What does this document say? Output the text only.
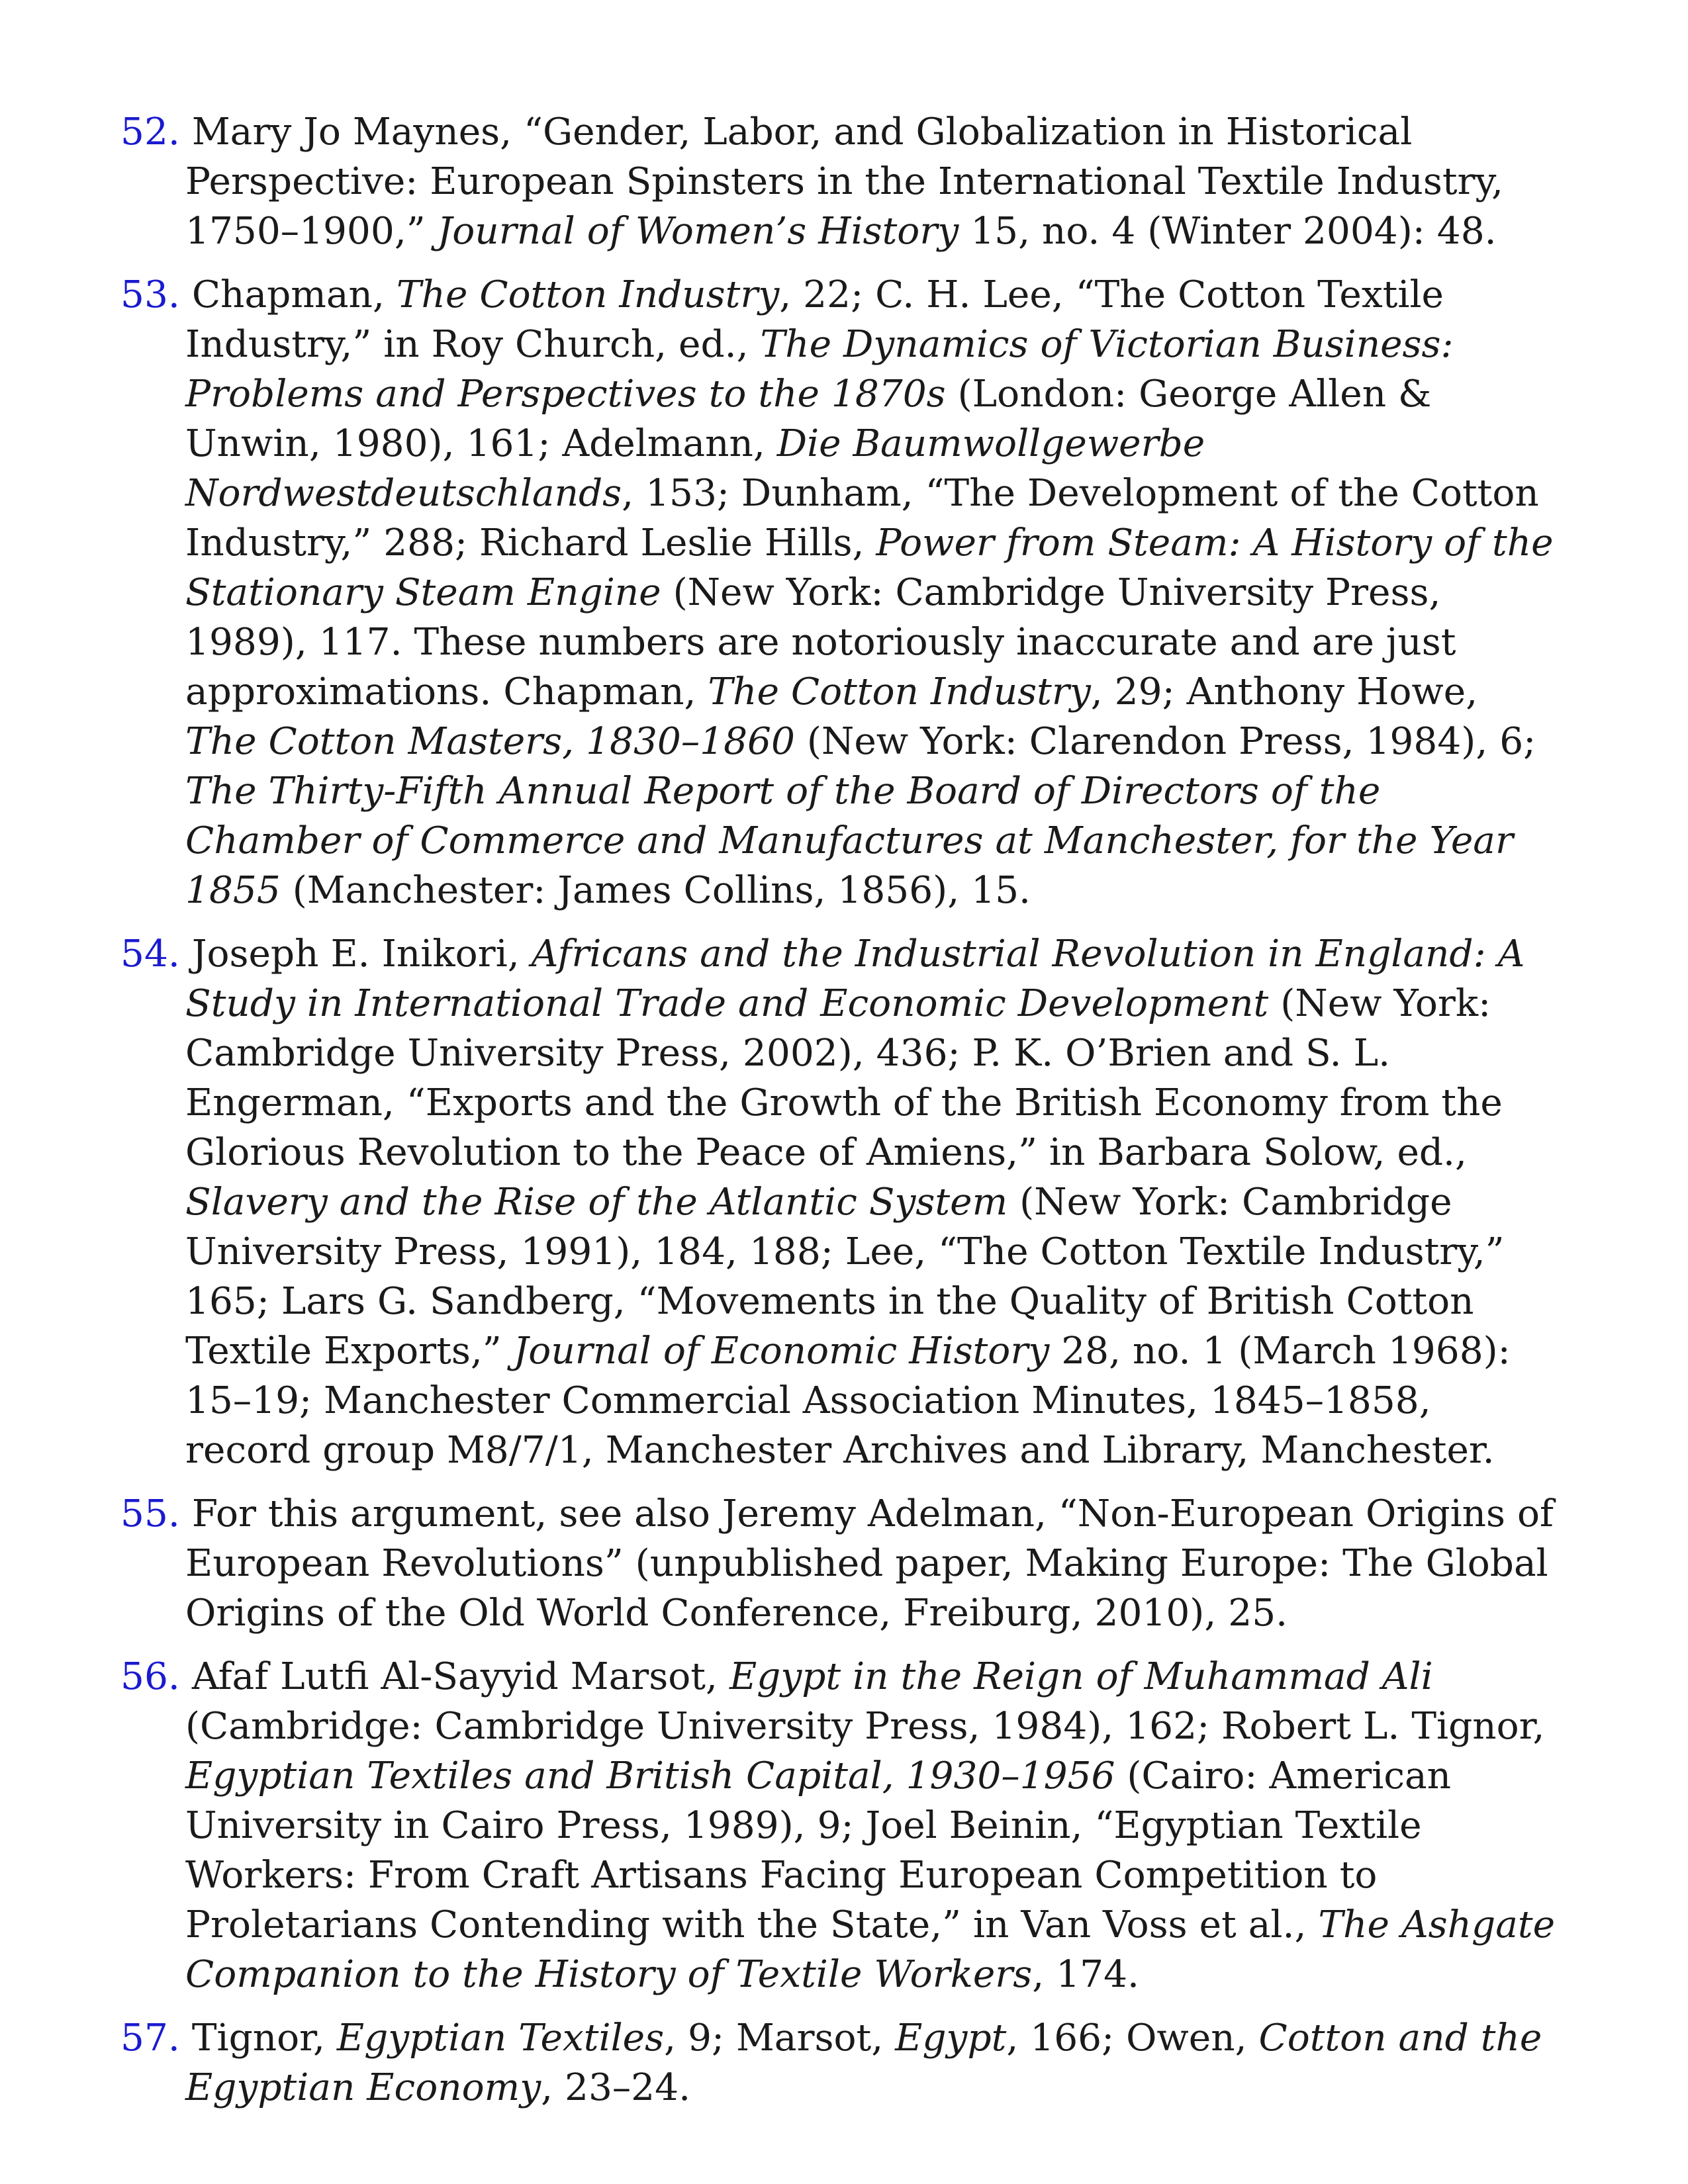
52. Mary Jo Maynes, “Gender, Labor, and Globalization in Historical Perspective: European Spinsters in the International Textile Industry, 1750–1900,” Journal of Women’s History 15, no. 4 (Winter 2004): 48.

53. Chapman, The Cotton Industry, 22; C. H. Lee, “The Cotton Textile Industry,” in Roy Church, ed., The Dynamics of Victorian Business: Problems and Perspectives to the 1870s (London: George Allen & Unwin, 1980), 161; Adelmann, Die Baumwollgewerbe Nordwestdeutschlands, 153; Dunham, “The Development of the Cotton Industry,” 288; Richard Leslie Hills, Power from Steam: A History of the Stationary Steam Engine (New York: Cambridge University Press, 1989), 117. These numbers are notoriously inaccurate and are just approximations. Chapman, The Cotton Industry, 29; Anthony Howe, The Cotton Masters, 1830–1860 (New York: Clarendon Press, 1984), 6; The Thirty-Fifth Annual Report of the Board of Directors of the Chamber of Commerce and Manufactures at Manchester, for the Year 1855 (Manchester: James Collins, 1856), 15.

54. Joseph E. Inikori, Africans and the Industrial Revolution in England: A Study in International Trade and Economic Development (New York: Cambridge University Press, 2002), 436; P. K. O’Brien and S. L. Engerman, “Exports and the Growth of the British Economy from the Glorious Revolution to the Peace of Amiens,” in Barbara Solow, ed., Slavery and the Rise of the Atlantic System (New York: Cambridge University Press, 1991), 184, 188; Lee, “The Cotton Textile Industry,” 165; Lars G. Sandberg, “Movements in the Quality of British Cotton Textile Exports,” Journal of Economic History 28, no. 1 (March 1968): 15–19; Manchester Commercial Association Minutes, 1845–1858, record group M8/7/1, Manchester Archives and Library, Manchester.

55. For this argument, see also Jeremy Adelman, “Non-European Origins of European Revolutions” (unpublished paper, Making Europe: The Global Origins of the Old World Conference, Freiburg, 2010), 25.

56. Afaf Lutfi Al-Sayyid Marsot, Egypt in the Reign of Muhammad Ali (Cambridge: Cambridge University Press, 1984), 162; Robert L. Tignor, Egyptian Textiles and British Capital, 1930–1956 (Cairo: American University in Cairo Press, 1989), 9; Joel Beinin, “Egyptian Textile Workers: From Craft Artisans Facing European Competition to Proletarians Contending with the State,” in Van Voss et al., The Ashgate Companion to the History of Textile Workers, 174.

57. Tignor, Egyptian Textiles, 9; Marsot, Egypt, 166; Owen, Cotton and the Egyptian Economy, 23–24.
